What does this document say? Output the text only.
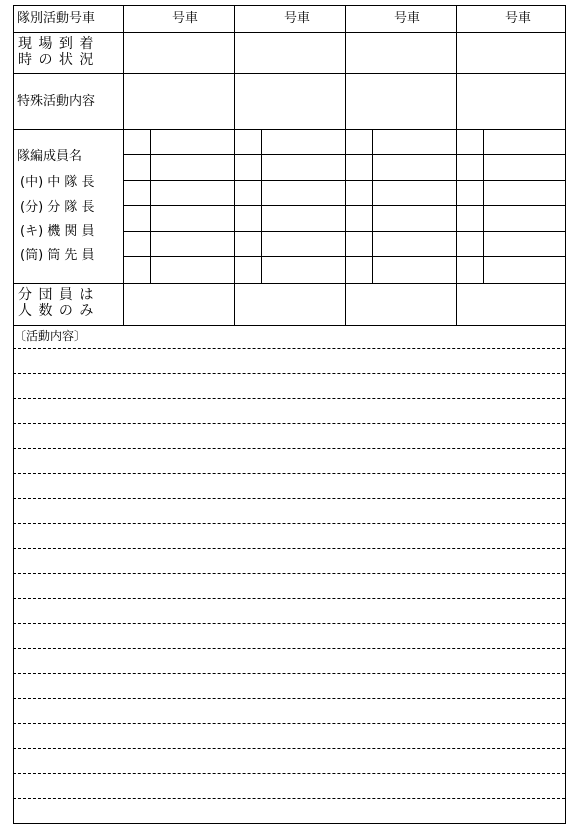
隊別活動号車	号車	号車	号車	号車
現 場 到 着
時 の 状 況
特殊活動内容
隊編成員名
(中) 中 隊 長
(分) 分 隊 長
(キ) 機 関 員
(筒) 筒 先 員
分 団 員 は
人 数 の み
〔活動内容〕
